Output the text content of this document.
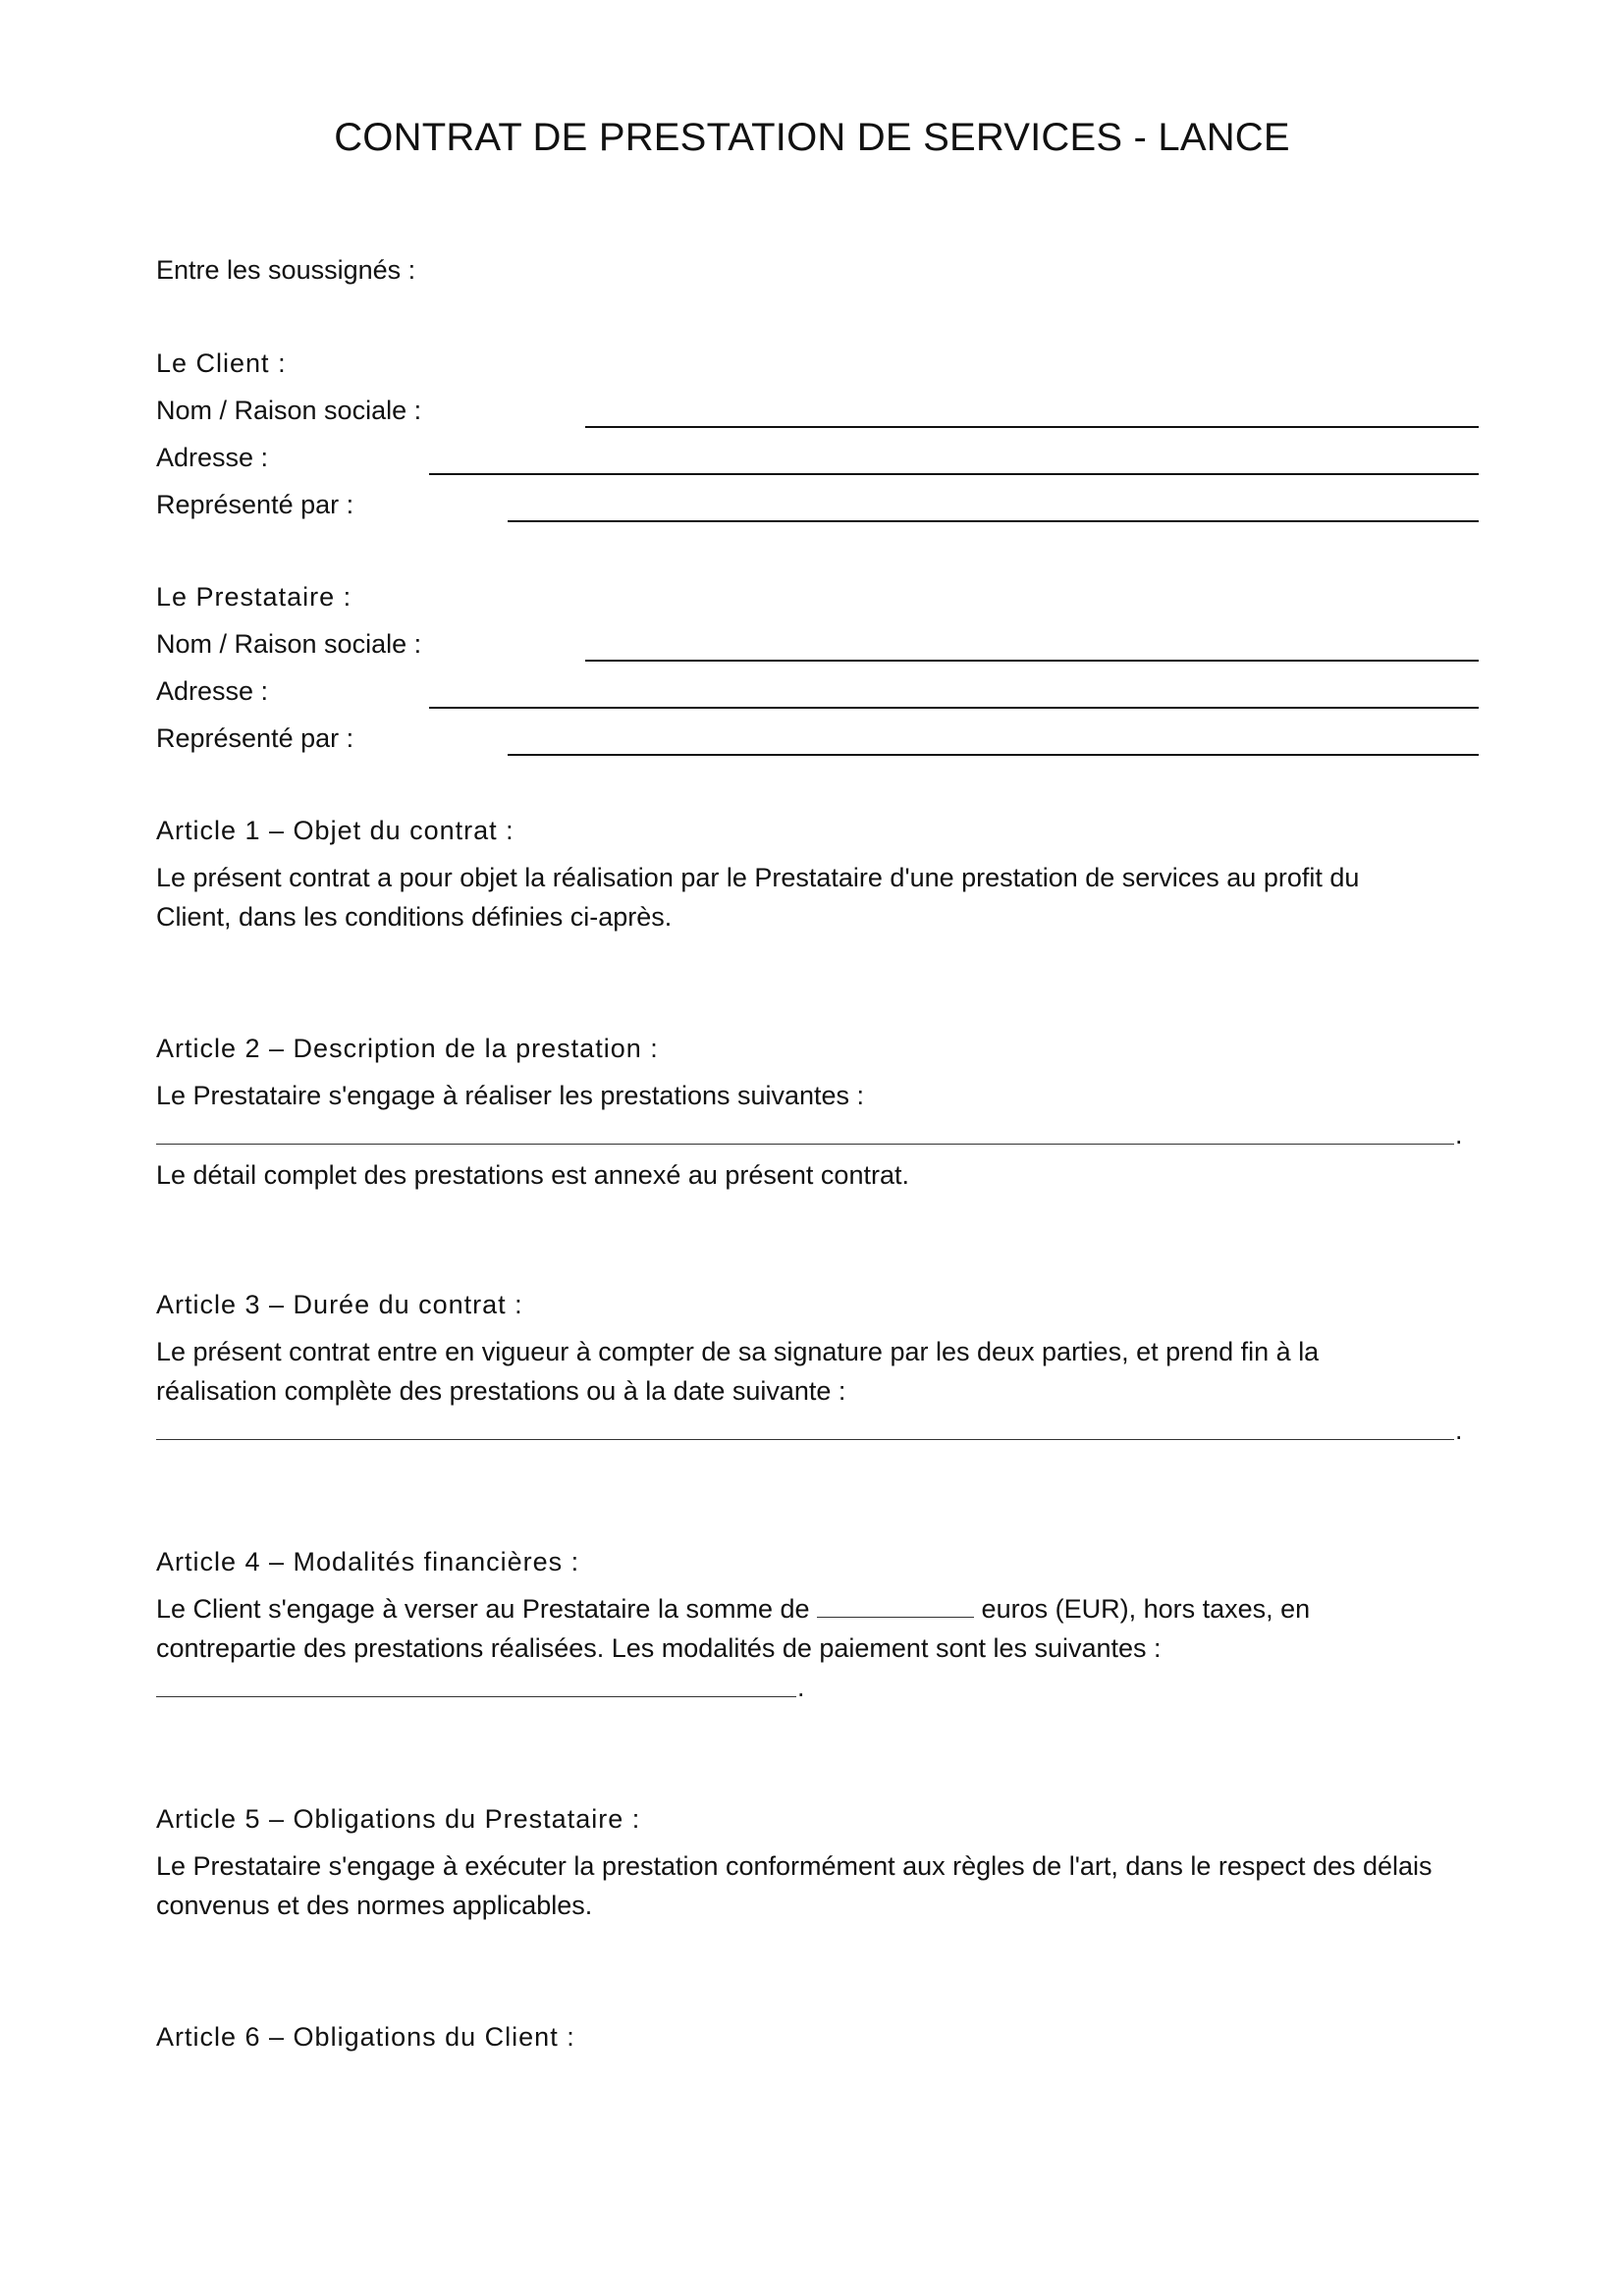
CONTRAT DE PRESTATION DE SERVICES - LANCE
Entre les soussignés :
Le Client :
Nom / Raison sociale :
Adresse :
Représenté par :
Le Prestataire :
Nom / Raison sociale :
Adresse :
Représenté par :
Article 1 – Objet du contrat :
Le présent contrat a pour objet la réalisation par le Prestataire d'une prestation de services au profit du
Client, dans les conditions définies ci-après.
Article 2 – Description de la prestation :
Le Prestataire s'engage à réaliser les prestations suivantes :
.
Le détail complet des prestations est annexé au présent contrat.
Article 3 – Durée du contrat :
Le présent contrat entre en vigueur à compter de sa signature par les deux parties, et prend fin à la
réalisation complète des prestations ou à la date suivante :
.
Article 4 – Modalités financières :
Le Client s'engage à verser au Prestataire la somme de	euros (EUR), hors taxes, en
contrepartie des prestations réalisées. Les modalités de paiement sont les suivantes :
.
Article 5 – Obligations du Prestataire :
Le Prestataire s'engage à exécuter la prestation conformément aux règles de l'art, dans le respect des délais
convenus et des normes applicables.
Article 6 – Obligations du Client :
